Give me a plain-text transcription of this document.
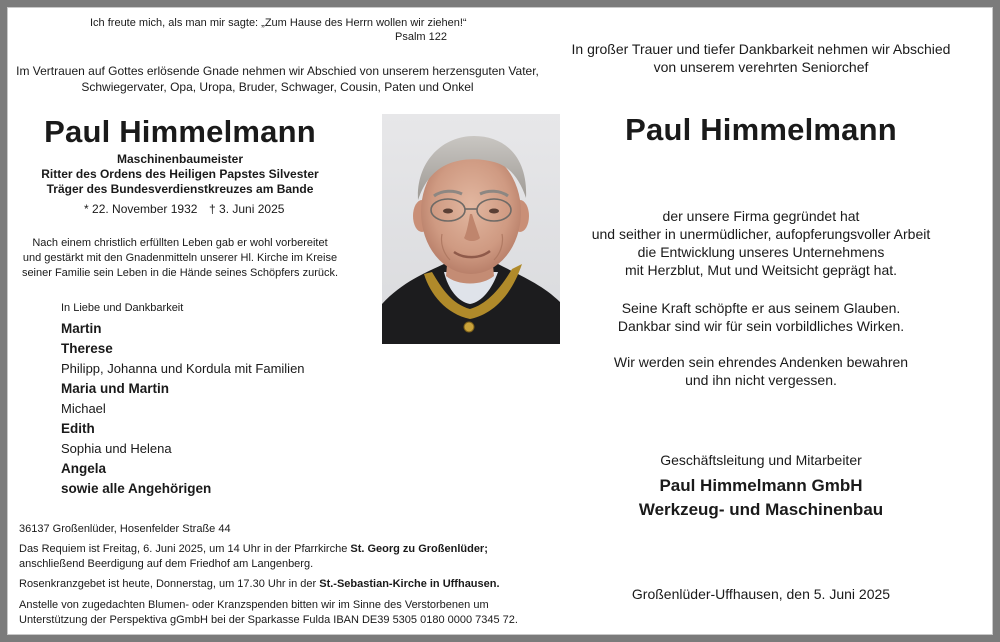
Ich freute mich, als man mir sagte: „Zum Hause des Herrn wollen wir ziehen!“
Psalm 122
Im Vertrauen auf Gottes erlösende Gnade nehmen wir Abschied von unserem herzensguten Vater,
Schwiegervater, Opa, Uropa, Bruder, Schwager, Cousin, Paten und Onkel
Paul Himmelmann
Maschinenbaumeister
Ritter des Ordens des Heiligen Papstes Silvester
Träger des Bundesverdienstkreuzes am Bande
* 22. November 1932 † 3. Juni 2025
Nach einem christlich erfüllten Leben gab er wohl vorbereitet
und gestärkt mit den Gnadenmitteln unserer Hl. Kirche im Kreise
seiner Familie sein Leben in die Hände seines Schöpfers zurück.
In Liebe und Dankbarkeit
Martin
Therese
Philipp, Johanna und Kordula mit Familien
Maria und Martin
Michael
Edith
Sophia und Helena
Angela
sowie alle Angehörigen
36137 Großenlüder, Hosenfelder Straße 44
Das Requiem ist Freitag, 6. Juni 2025, um 14 Uhr in der Pfarrkirche St. Georg zu Großenlüder;
anschließend Beerdigung auf dem Friedhof am Langenberg.
Rosenkranzgebet ist heute, Donnerstag, um 17.30 Uhr in der St.-Sebastian-Kirche in Uffhausen.
Anstelle von zugedachten Blumen- oder Kranzspenden bitten wir im Sinne des Verstorbenen um
Unterstützung der Perspektiva gGmbH bei der Sparkasse Fulda IBAN DE39 5305 0180 0000 7345 72.
In großer Trauer und tiefer Dankbarkeit nehmen wir Abschied
von unserem verehrten Seniorchef
Paul Himmelmann
der unsere Firma gegründet hat
und seither in unermüdlicher, aufopferungsvoller Arbeit
die Entwicklung unseres Unternehmens
mit Herzblut, Mut und Weitsicht geprägt hat.
Seine Kraft schöpfte er aus seinem Glauben.
Dankbar sind wir für sein vorbildliches Wirken.
Wir werden sein ehrendes Andenken bewahren
und ihn nicht vergessen.
Geschäftsleitung und Mitarbeiter
Paul Himmelmann GmbH
Werkzeug- und Maschinenbau
Großenlüder-Uffhausen, den 5. Juni 2025
